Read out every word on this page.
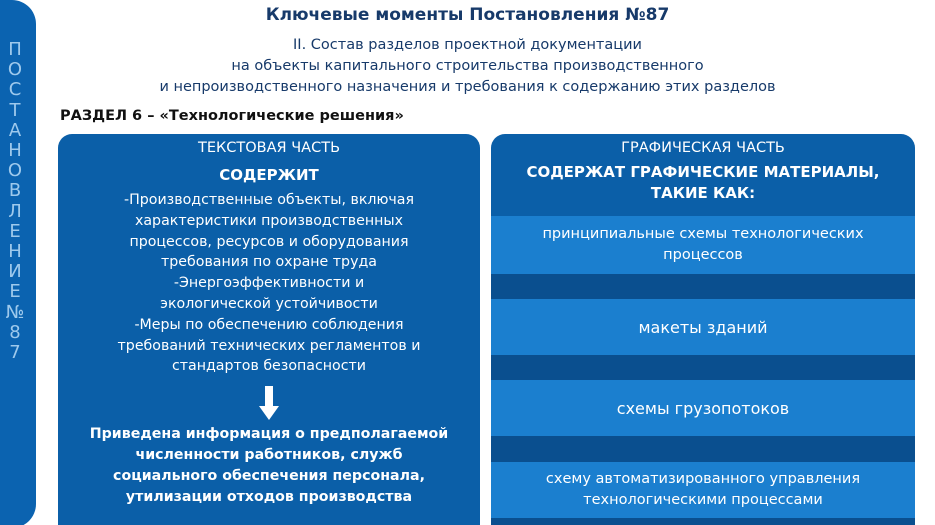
П
О
С
Т
А
Н
О
В
Л
Е
Н
И
Е
№
8
7
Ключевые моменты Постановления №87
II. Состав разделов проектной документации
на объекты капитального строительства производственного
и непроизводственного назначения и требования к содержанию этих разделов
РАЗДЕЛ 6 – «Технологические решения»
ТЕКСТОВАЯ ЧАСТЬ
СОДЕРЖИТ
-Производственные объекты, включая
характеристики производственных
процессов, ресурсов и оборудования
требования по охране труда
-Энергоэффективности и
экологической устойчивости
-Меры по обеспечению соблюдения
требований технических регламентов и
стандартов безопасности
Приведена информация о предполагаемой
численности работников, служб
социального обеспечения персонала,
утилизации отходов производства
ГРАФИЧЕСКАЯ ЧАСТЬ
СОДЕРЖАТ ГРАФИЧЕСКИЕ МАТЕРИАЛЫ,
ТАКИЕ КАК:
принципиальные схемы технологических
процессов
макеты зданий
схемы грузопотоков
схему автоматизированного управления
технологическими процессами
